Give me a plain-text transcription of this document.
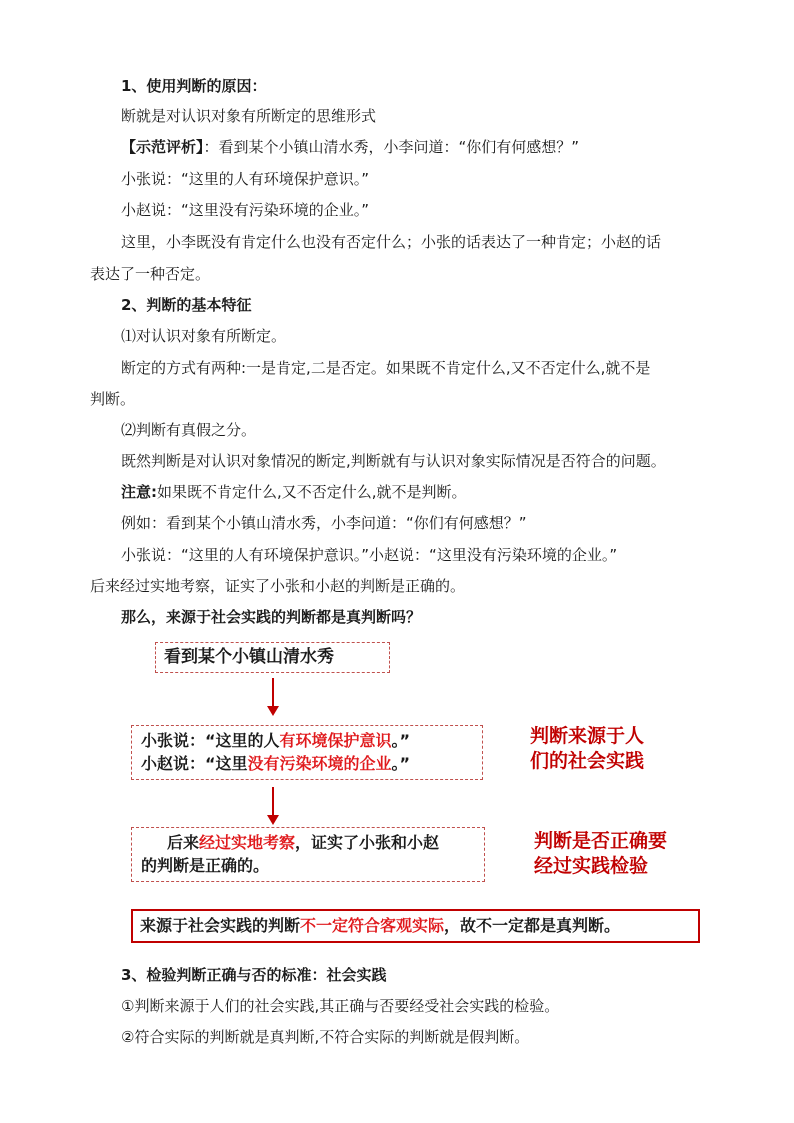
1、使用判断的原因：
断就是对认识对象有所断定的思维形式
【示范评析】：看到某个小镇山清水秀，小李问道：“你们有何感想？”
小张说：“这里的人有环境保护意识。”
小赵说：“这里没有污染环境的企业。”
这里，小李既没有肯定什么也没有否定什么；小张的话表达了一种肯定；小赵的话
表达了一种否定。
2、判断的基本特征
⑴对认识对象有所断定。
断定的方式有两种:一是肯定,二是否定。如果既不肯定什么,又不否定什么,就不是
判断。
⑵判断有真假之分。
既然判断是对认识对象情况的断定,判断就有与认识对象实际情况是否符合的问题。
注意:如果既不肯定什么,又不否定什么,就不是判断。
例如：看到某个小镇山清水秀，小李问道：“你们有何感想？”
小张说：“这里的人有环境保护意识。”小赵说：“这里没有污染环境的企业。”
后来经过实地考察，证实了小张和小赵的判断是正确的。
那么，来源于社会实践的判断都是真判断吗？
看到某个小镇山清水秀
小张说：“这里的人有环境保护意识。”
小赵说：“这里没有污染环境的企业。”
后来经过实地考察，证实了小张和小赵
的判断是正确的。
判断来源于人
们的社会实践
判断是否正确要
经过实践检验
来源于社会实践的判断不一定符合客观实际，故不一定都是真判断。
3、检验判断正确与否的标准：社会实践
①判断来源于人们的社会实践,其正确与否要经受社会实践的检验。
②符合实际的判断就是真判断,不符合实际的判断就是假判断。
